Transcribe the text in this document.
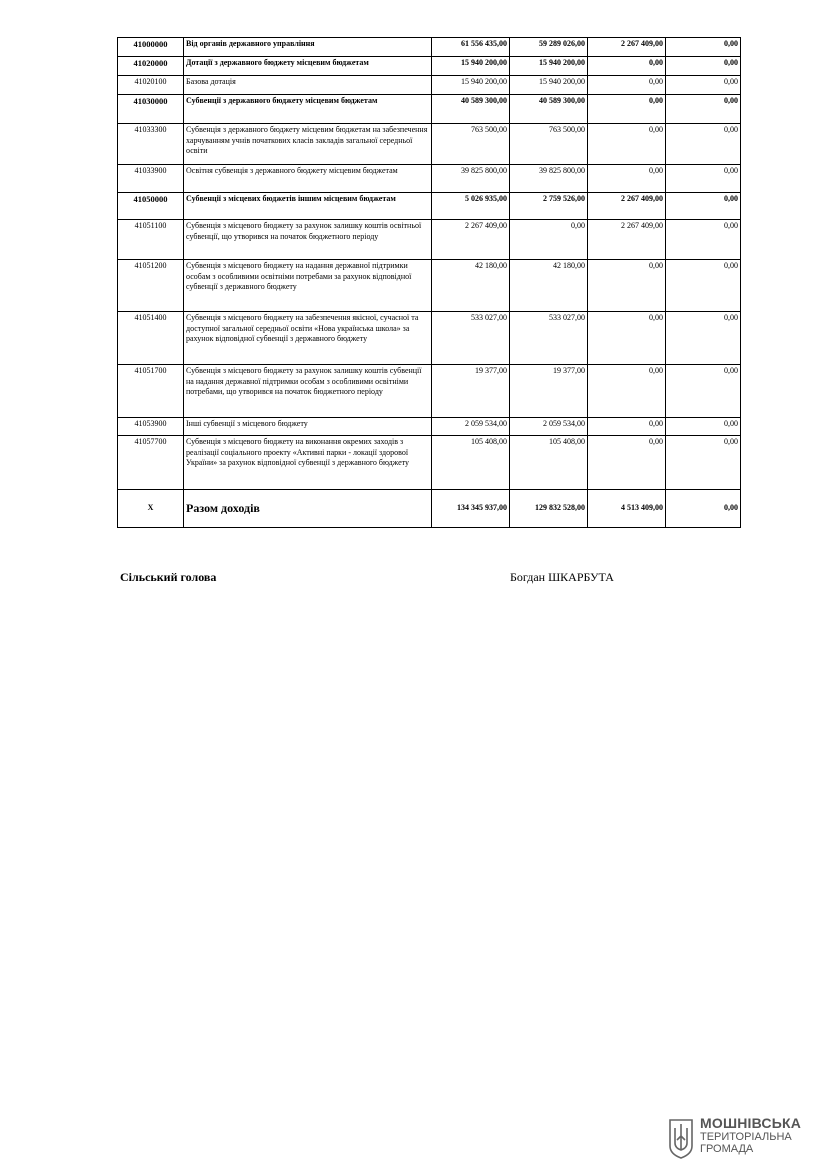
41000000	Від органів державного управління	61 556 435,00	59 289 026,00	2 267 409,00	0,00
41020000	Дотації з державного бюджету місцевим бюджетам	15 940 200,00	15 940 200,00	0,00	0,00
41020100	Базова дотація	15 940 200,00	15 940 200,00	0,00	0,00
41030000	Субвенції з державного бюджету місцевим бюджетам	40 589 300,00	40 589 300,00	0,00	0,00
41033300	Субвенція з державного бюджету місцевим бюджетам на забезпечення харчуванням учнів початкових класів закладів загальної середньої освіти	763 500,00	763 500,00	0,00	0,00
41033900	Освітня субвенція з державного бюджету місцевим бюджетам	39 825 800,00	39 825 800,00	0,00	0,00
41050000	Субвенції з місцевих бюджетів іншим місцевим бюджетам	5 026 935,00	2 759 526,00	2 267 409,00	0,00
41051100	Субвенція з місцевого бюджету за рахунок залишку коштів освітньої субвенції, що утворився на початок бюджетного періоду	2 267 409,00	0,00	2 267 409,00	0,00
41051200	Субвенція з місцевого бюджету на надання державної підтримки особам з особливими освітніми потребами за рахунок відповідної субвенції з державного бюджету	42 180,00	42 180,00	0,00	0,00
41051400	Субвенція з місцевого бюджету на забезпечення якісної, сучасної та доступної загальної середньої освіти «Нова українська школа» за рахунок відповідної субвенції з державного бюджету	533 027,00	533 027,00	0,00	0,00
41051700	Субвенція з місцевого бюджету за рахунок залишку коштів субвенції на надання державної підтримки особам з особливими освітніми потребами, що утворився на початок бюджетного періоду	19 377,00	19 377,00	0,00	0,00
41053900	Інші субвенції з місцевого бюджету	2 059 534,00	2 059 534,00	0,00	0,00
41057700	Субвенція з місцевого бюджету на виконання окремих заходів з реалізації соціального проекту «Активні парки - локації здорової України» за рахунок відповідної субвенції з державного бюджету	105 408,00	105 408,00	0,00	0,00
X	Разом доходів	134 345 937,00	129 832 528,00	4 513 409,00	0,00
Сільський голова	Богдан ШКАРБУТА
МОШНІВСЬКА
ТЕРИТОРІАЛЬНА
ГРОМАДА
